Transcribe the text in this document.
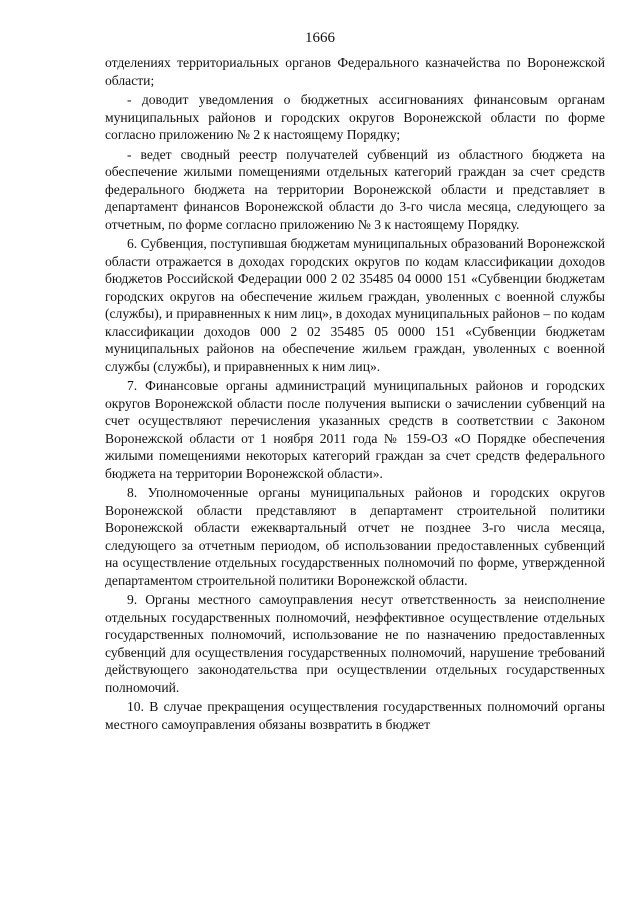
1666

отделениях территориальных органов Федерального казначейства по Воронежской области;

- доводит уведомления о бюджетных ассигнованиях финансовым органам муниципальных районов и городских округов Воронежской области по форме согласно приложению № 2 к настоящему Порядку;

- ведет сводный реестр получателей субвенций из областного бюджета на обеспечение жилыми помещениями отдельных категорий граждан за счет средств федерального бюджета на территории Воронежской области и представляет в департамент финансов Воронежской области до 3-го числа месяца, следующего за отчетным, по форме согласно приложению № 3 к настоящему Порядку.

6. Субвенция, поступившая бюджетам муниципальных образований Воронежской области отражается в доходах городских округов по кодам классификации доходов бюджетов Российской Федерации 000 2 02 35485 04 0000 151 «Субвенции бюджетам городских округов на обеспечение жильем граждан, уволенных с военной службы (службы), и приравненных к ним лиц», в доходах муниципальных районов – по кодам классификации доходов 000 2 02 35485 05 0000 151 «Субвенции бюджетам муниципальных районов на обеспечение жильем граждан, уволенных с военной службы (службы), и приравненных к ним лиц».

7. Финансовые органы администраций муниципальных районов и городских округов Воронежской области после получения выписки о зачислении субвенций на счет осуществляют перечисления указанных средств в соответствии с Законом Воронежской области от 1 ноября 2011 года № 159-ОЗ «О Порядке обеспечения жилыми помещениями некоторых категорий граждан за счет средств федерального бюджета на территории Воронежской области».

8. Уполномоченные органы муниципальных районов и городских округов Воронежской области представляют в департамент строительной политики Воронежской области ежеквартальный отчет не позднее 3-го числа месяца, следующего за отчетным периодом, об использовании предоставленных субвенций на осуществление отдельных государственных полномочий по форме, утвержденной департаментом строительной политики Воронежской области.

9. Органы местного самоуправления несут ответственность за неисполнение отдельных государственных полномочий, неэффективное осуществление отдельных государственных полномочий, использование не по назначению предоставленных субвенций для осуществления государственных полномочий, нарушение требований действующего законодательства при осуществлении отдельных государственных полномочий.

10. В случае прекращения осуществления государственных полномочий органы местного самоуправления обязаны возвратить в бюджет
